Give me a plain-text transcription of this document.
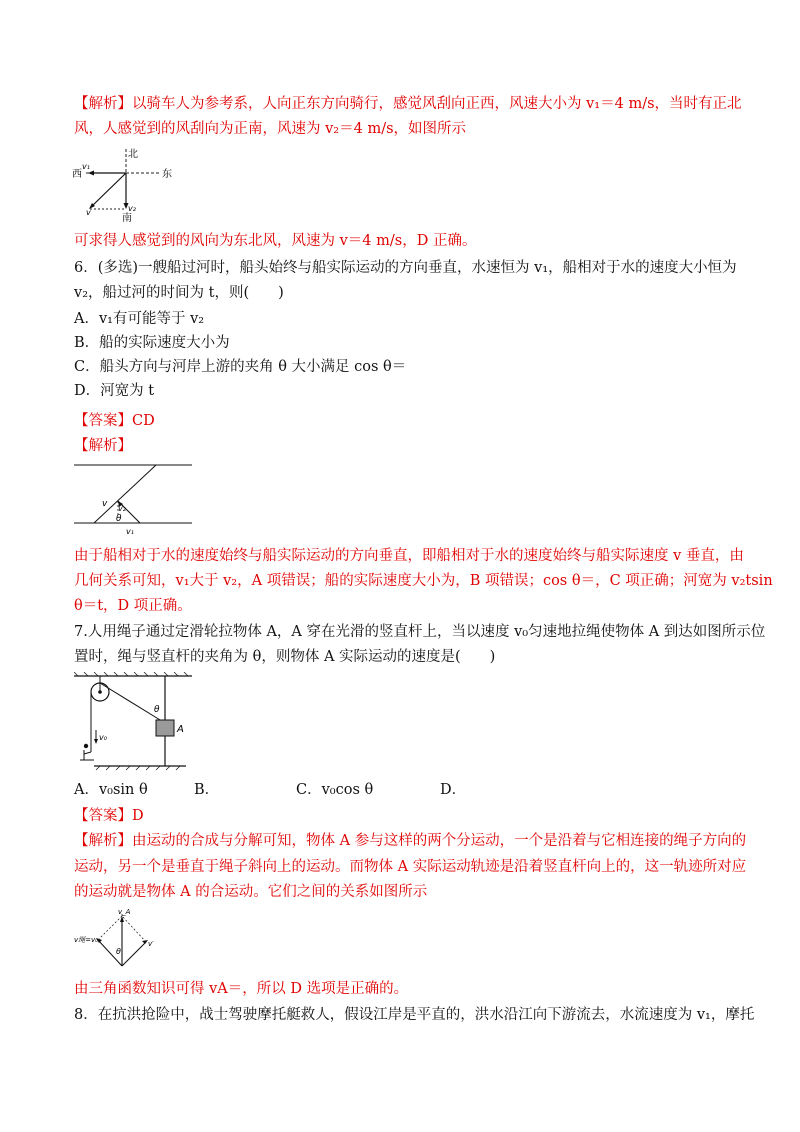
【解析】以骑车人为参考系，人向正东方向骑行，感觉风刮向正西，风速大小为 v₁＝4 m/s，当时有正北
风，人感觉到的风刮向为正南，风速为 v₂＝4 m/s，如图所示
北
西	东
南
v₁
v₂
v
可求得人感觉到的风向为东北风，风速为 v＝4 m/s，D 正确。
6．(多选)一艘船过河时，船头始终与船实际运动的方向垂直，水速恒为 v₁，船相对于水的速度大小恒为
v₂，船过河的时间为 t，则(　　)
A．v₁有可能等于 v₂
B．船的实际速度大小为
C．船头方向与河岸上游的夹角 θ 大小满足 cos θ＝
D．河宽为 t
【答案】CD
【解析】
v v₂
θ
v₁
由于船相对于水的速度始终与船实际运动的方向垂直，即船相对于水的速度始终与船实际速度 v 垂直，由
几何关系可知，v₁大于 v₂，A 项错误；船的实际速度大小为，B 项错误；cos θ＝，C 项正确；河宽为 v₂tsin
θ＝t，D 项正确。
7.人用绳子通过定滑轮拉物体 A，A 穿在光滑的竖直杆上，当以速度 v₀匀速地拉绳使物体 A 到达如图所示位
置时，绳与竖直杆的夹角为 θ，则物体 A 实际运动的速度是(　　)
A
θ
v₀
A．v₀sin θ	B．	C．v₀cos θ	D．
【答案】D
【解析】由运动的合成与分解可知，物体 A 参与这样的两个分运动，一个是沿着与它相连接的绳子方向的
运动，另一个是垂直于绳子斜向上的运动。而物体 A 实际运动轨迹是沿着竖直杆向上的，这一轨迹所对应
的运动就是物体 A 的合运动。它们之间的关系如图所示
v_A
v绳=v₀
θ
v′
由三角函数知识可得 vA＝，所以 D 选项是正确的。
8．在抗洪抢险中，战士驾驶摩托艇救人，假设江岸是平直的，洪水沿江向下游流去，水流速度为 v₁，摩托
